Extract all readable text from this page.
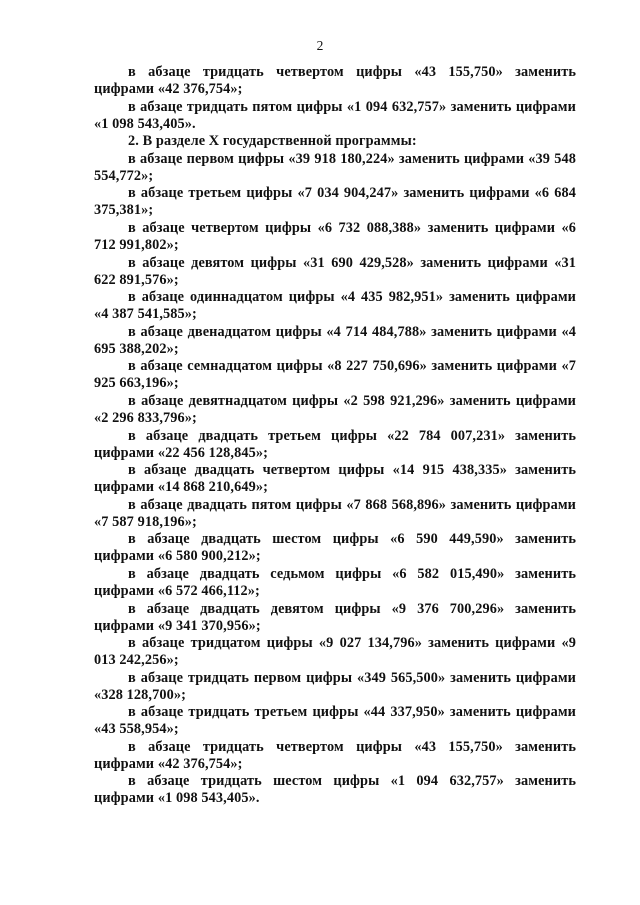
2

в абзаце тридцать четвертом цифры «43 155,750» заменить цифрами «42 376,754»;

в абзаце тридцать пятом цифры «1 094 632,757» заменить цифрами «1 098 543,405».

2. В разделе X государственной программы:

в абзаце первом цифры «39 918 180,224» заменить цифрами «39 548 554,772»;

в абзаце третьем цифры «7 034 904,247» заменить цифрами «6 684 375,381»;

в абзаце четвертом цифры «6 732 088,388» заменить цифрами «6 712 991,802»;

в абзаце девятом цифры «31 690 429,528» заменить цифрами «31 622 891,576»;

в абзаце одиннадцатом цифры «4 435 982,951» заменить цифрами «4 387 541,585»;

в абзаце двенадцатом цифры «4 714 484,788» заменить цифрами «4 695 388,202»;

в абзаце семнадцатом цифры «8 227 750,696» заменить цифрами «7 925 663,196»;

в абзаце девятнадцатом цифры «2 598 921,296» заменить цифрами «2 296 833,796»;

в абзаце двадцать третьем цифры «22 784 007,231» заменить цифрами «22 456 128,845»;

в абзаце двадцать четвертом цифры «14 915 438,335» заменить цифрами «14 868 210,649»;

в абзаце двадцать пятом цифры «7 868 568,896» заменить цифрами «7 587 918,196»;

в абзаце двадцать шестом цифры «6 590 449,590» заменить цифрами «6 580 900,212»;

в абзаце двадцать седьмом цифры «6 582 015,490» заменить цифрами «6 572 466,112»;

в абзаце двадцать девятом цифры «9 376 700,296» заменить цифрами «9 341 370,956»;

в абзаце тридцатом цифры «9 027 134,796» заменить цифрами «9 013 242,256»;

в абзаце тридцать первом цифры «349 565,500» заменить цифрами «328 128,700»;

в абзаце тридцать третьем цифры «44 337,950» заменить цифрами «43 558,954»;

в абзаце тридцать четвертом цифры «43 155,750» заменить цифрами «42 376,754»;

в абзаце тридцать шестом цифры «1 094 632,757» заменить цифрами «1 098 543,405».
